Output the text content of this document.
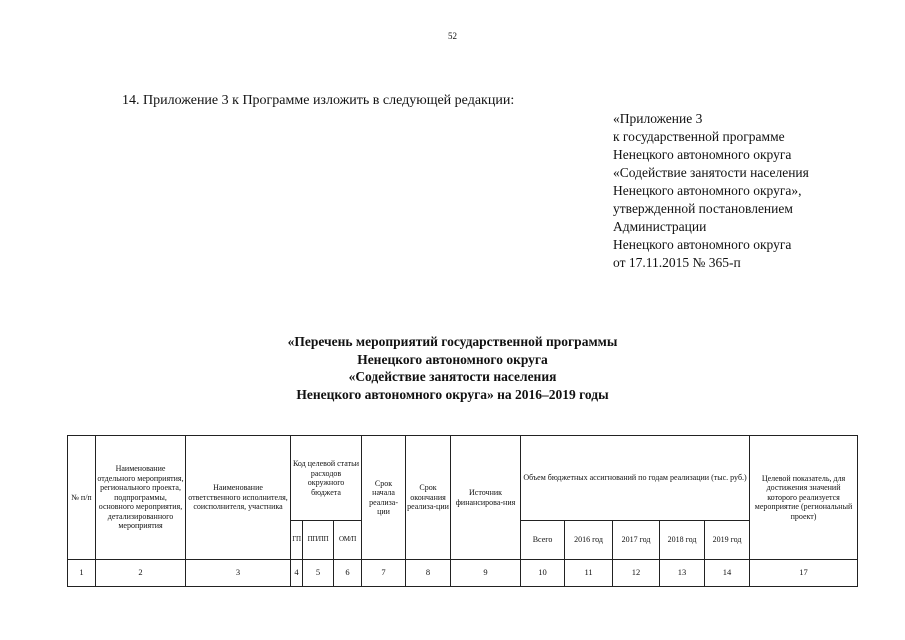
52
14. Приложение 3 к Программе изложить в следующей редакции:
«Приложение 3
к государственной программе
Ненецкого автономного округа
«Содействие занятости населения
Ненецкого автономного округа»,
утвержденной постановлением
Администрации
Ненецкого автономного округа
от 17.11.2015 № 365-п
«Перечень мероприятий государственной программы
Ненецкого автономного округа
«Содействие занятости населения
Ненецкого автономного округа» на 2016–2019 годы
№ п/п	Наименование отдельного мероприятия, регионального проекта, подпрограммы, основного мероприятия, детализированного мероприятия	Наименование ответственного исполнителя, соисполнителя, участника	Код целевой статьи расходов окружного бюджета			Срок начала реализа-ции	Срок окончания реализа-ции	Источник финансирова-ния	Объем бюджетных ассигнований по годам реализации (тыс. руб.)					Целевой показатель, для достижения значений которого реализуется мероприятие (региональный проект)
			ГП	ПП/ПП	ОМ/П				Всего	2016 год	2017 год	2018 год	2019 год	
1	2	3	4	5	6	7	8	9	10	11	12	13	14	17
